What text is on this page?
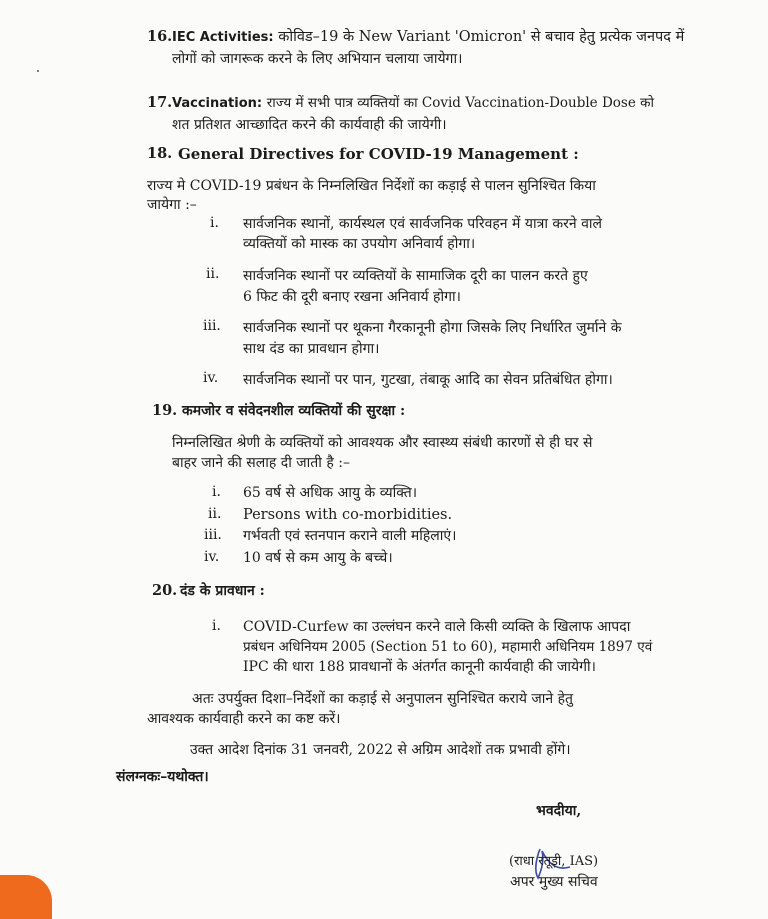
16. IEC Activities: कोविड–19 के New Variant 'Omicron' से बचाव हेतु प्रत्येक जनपद में
लोगों को जागरूक करने के लिए अभियान चलाया जायेगा।
17. Vaccination: राज्य में सभी पात्र व्यक्तियों का Covid Vaccination-Double Dose को
शत प्रतिशत आच्छादित करने की कार्यवाही की जायेगी।
18. General Directives for COVID-19 Management :
राज्य मे COVID-19 प्रबंधन के निम्नलिखित निर्देशों का कड़ाई से पालन सुनिश्चित किया
जायेगा :–
i. सार्वजनिक स्थानों, कार्यस्थल एवं सार्वजनिक परिवहन में यात्रा करने वाले
व्यक्तियों को मास्क का उपयोग अनिवार्य होगा।
ii. सार्वजनिक स्थानों पर व्यक्तियों के सामाजिक दूरी का पालन करते हुए
6 फिट की दूरी बनाए रखना अनिवार्य होगा।
iii. सार्वजनिक स्थानों पर थूकना गैरकानूनी होगा जिसके लिए निर्धारित जुर्माने के
साथ दंड का प्रावधान होगा।
iv. सार्वजनिक स्थानों पर पान, गुटखा, तंबाकू आदि का सेवन प्रतिबंधित होगा।
19. कमजोर व संवेदनशील व्यक्तियों की सुरक्षा :
निम्नलिखित श्रेणी के व्यक्तियों को आवश्यक और स्वास्थ्य संबंधी कारणों से ही घर से
बाहर जाने की सलाह दी जाती है :–
i. 65 वर्ष से अधिक आयु के व्यक्ति।
ii. Persons with co-morbidities.
iii. गर्भवती एवं स्तनपान कराने वाली महिलाएं।
iv. 10 वर्ष से कम आयु के बच्चे।
20. दंड के प्रावधान :
i. COVID-Curfew का उल्लंघन करने वाले किसी व्यक्ति के खिलाफ आपदा
प्रबंधन अधिनियम 2005 (Section 51 to 60), महामारी अधिनियम 1897 एवं
IPC की धारा 188 प्रावधानों के अंतर्गत कानूनी कार्यवाही की जायेगी।
अतः उपर्युक्त दिशा–निर्देशों का कड़ाई से अनुपालन सुनिश्चित कराये जाने हेतु
आवश्यक कार्यवाही करने का कष्ट करें।
उक्त आदेश दिनांक 31 जनवरी, 2022 से अग्रिम आदेशों तक प्रभावी होंगे।
संलग्नकः–यथोक्त।
भवदीया,
(राधा रतूड़ी, IAS)
अपर मुख्य सचिव
